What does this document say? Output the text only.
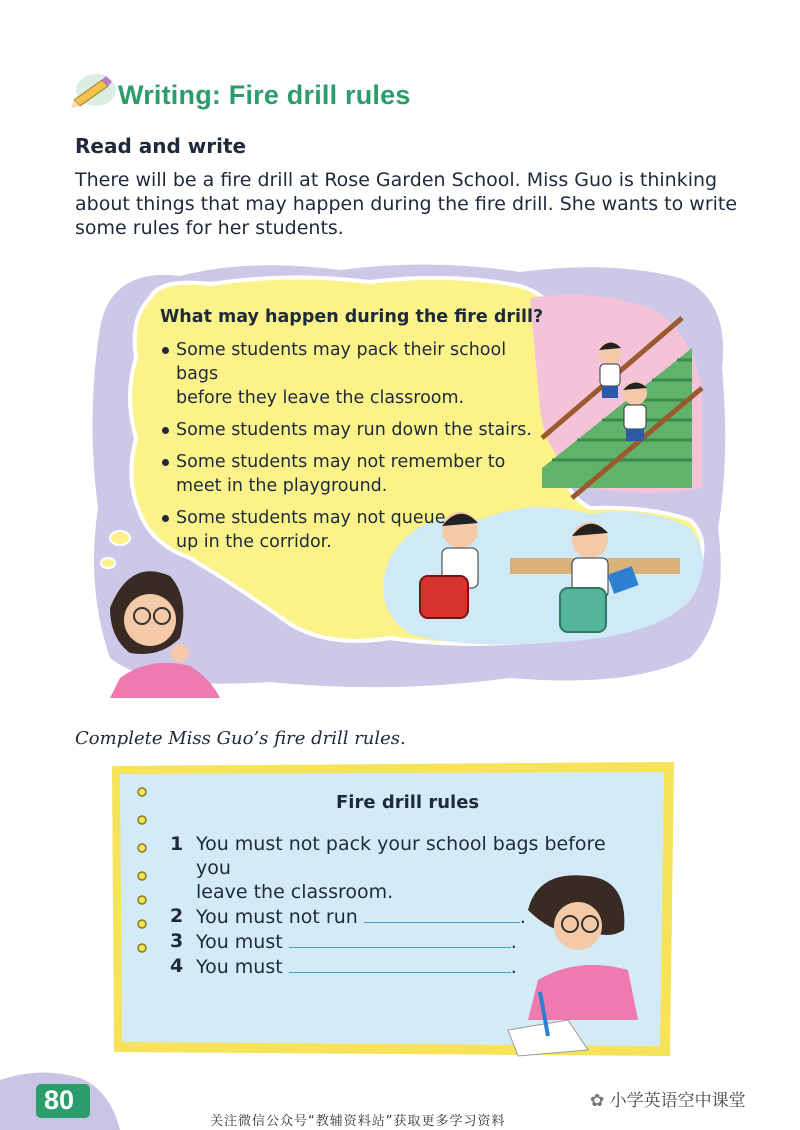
Writing: Fire drill rules
Read and write
There will be a fire drill at Rose Garden School. Miss Guo is thinking
about things that may happen during the fire drill. She wants to write
some rules for her students.
What may happen during the fire drill?
Some students may pack their school bags
before they leave the classroom.
Some students may run down the stairs.
Some students may not remember to
meet in the playground.
Some students may not queue
up in the corridor.
Complete Miss Guo’s fire drill rules.
Fire drill rules
1 You must not pack your school bags before you
leave the classroom.
2 You must not run	.
3 You must	.
4 You must	.
80	✿ 小学英语空中课堂
关注微信公众号“教辅资料站”获取更多学习资料
